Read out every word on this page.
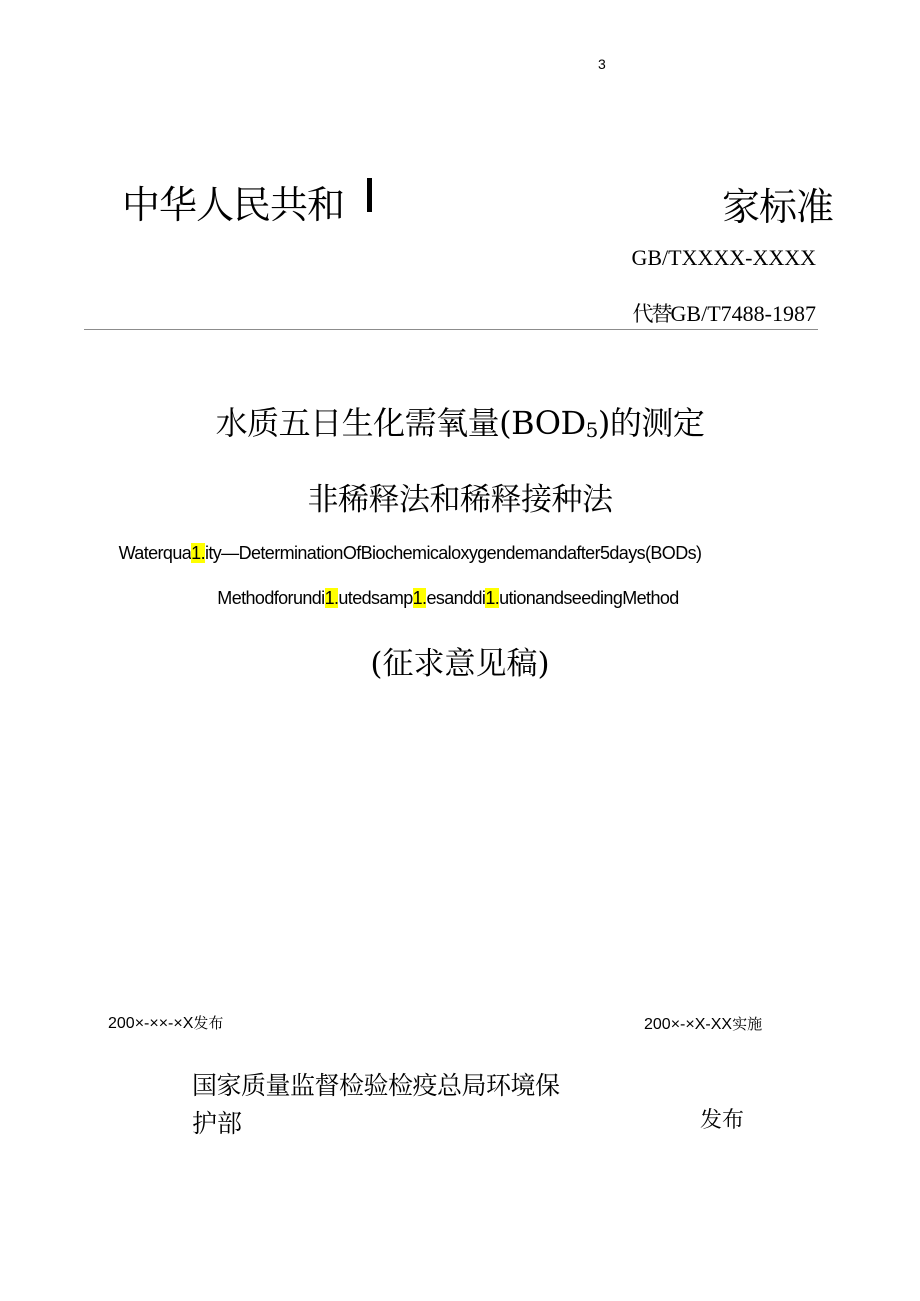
3
中华人民共和	家标准
GB/TXXXX-XXXX
代替GB/T7488-1987
水质五日生化需氧量$(BOD_5)$的测定
非稀释法和稀释接种法
Waterqua1.ity—DeterminationOfBiochemicaloxygendemandafter5days(BODs)
Methodforundi1.utedsamp1.esanddi1.utionandseedingMethod
(征求意见稿)
200×-××-×X发布	200×-×X-XX实施
国家质量监督检验检疫总局环境保
护部	发布
